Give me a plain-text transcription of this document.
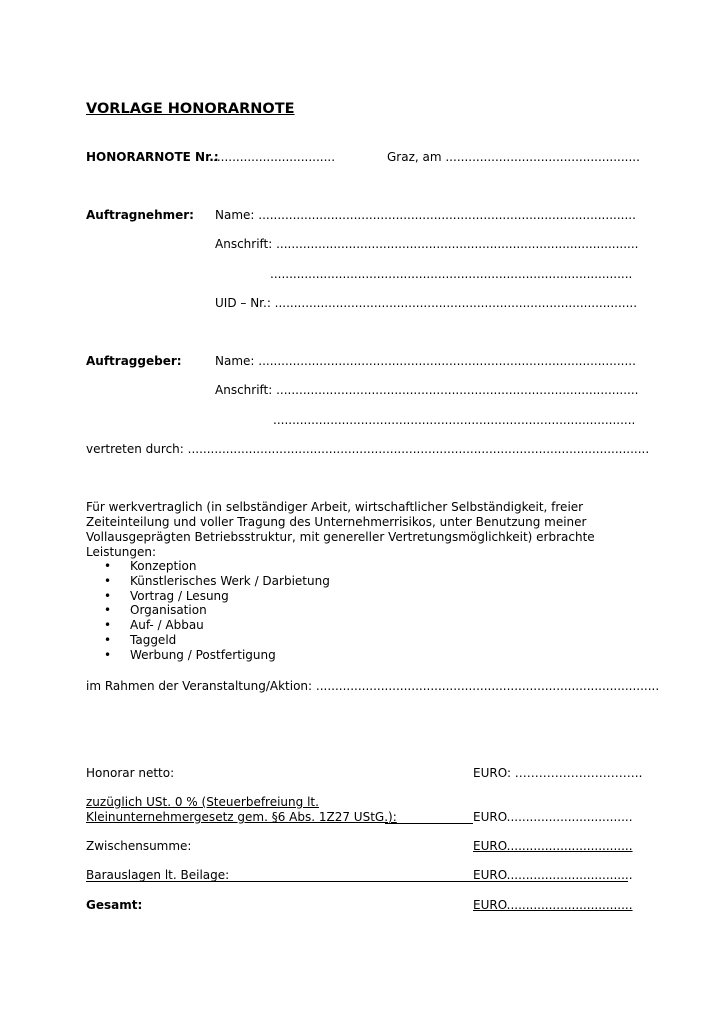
VORLAGE HONORARNOTE
HONORARNOTE Nr.:
................................	Graz, am ...................................................
Auftragnehmer: Name: ...................................................................................................
Anschrift: ...............................................................................................
...............................................................................................
UID – Nr.: ...............................................................................................
Auftraggeber:	Name: ...................................................................................................
Anschrift: ...............................................................................................
...............................................................................................
vertreten durch: .........................................................................................................................
Für werkvertraglich (in selbständiger Arbeit, wirtschaftlicher Selbständigkeit, freier Zeiteinteilung und voller Tragung des Unternehmerrisikos, unter Benutzung meiner Vollausgeprägten Betriebsstruktur, mit genereller Vertretungsmöglichkeit) erbrachte Leistungen:
• Konzeption
• Künstlerisches Werk / Darbietung
• Vortrag / Lesung
• Organisation
• Auf- / Abbau
• Taggeld
• Werbung / Postfertigung
im Rahmen der Veranstaltung/Aktion: ..........................................................................................
Honorar netto:	EURO: …………………………..
zuzüglich USt. 0 % (Steuerbefreiung lt.
Kleinunternehmergesetz gem. §6 Abs. 1Z27 UStG.):	EURO.................................
Zwischensumme:	EURO.................................
Barauslagen lt. Beilage:	EURO.................................
Gesamt:	EURO.................................
